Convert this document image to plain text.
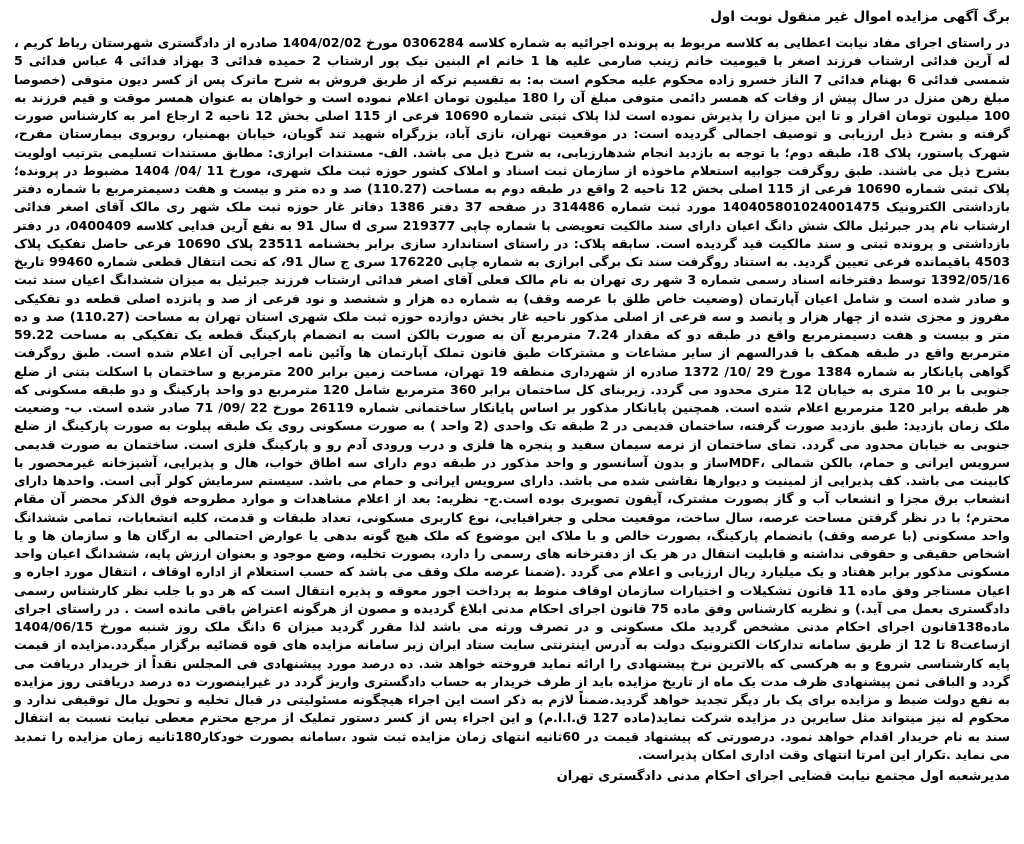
برگ آگهی مزایده اموال غیر منقول نوبت اول

در راستای اجرای مفاد نیابت اعطایی به کلاسه مربوط به پرونده اجرائیه به شماره کلاسه 0306284 مورخ 1404/02/02 صادره از دادگستری شهرستان رباط کریم ، له آرین فدائی ارشتاب فرزند اصغر با قیومیت خانم زینب صارمی علیه ها 1 خانم ام البنین نیک پور ارشتاب 2 حمیده فدائی 3 بهزاد فدائی 4 عباس فدائی 5 شمسی فدائی 6 بهنام فدائی 7 الناز خسرو زاده محکوم علیه محکوم است به: به تقسیم ترکه از طریق فروش به شرح ماترک پس از کسر دیون متوفی (خصوصا مبلغ رهن منزل در سال پیش از وفات که همسر دائمی متوفی مبلغ آن را 180 میلیون تومان اعلام نموده است و خواهان به عنوان همسر موقت و قیم فرزند به 100 میلیون تومان اقرار و تا این میزان را پذیرش نموده است لذا پلاک ثبتی شماره 10690 فرعی از 115 اصلی بخش 12 ناحیه 2 ارجاع امر به کارشناس صورت گرفته و بشرح ذیل ارزیابی و توصیف اجمالی گردیده است: در موقعیت تهران، نازی آباد، بزرگراه شهید تند گویان، خیابان بهمنیار، روبروی بیمارستان مفرح، شهرک پاستور، پلاک 18، طبقه دوم؛ با توجه به بازدید انجام شدهارزیابی، به شرح ذیل می باشد. الف- مستندات ابرازی: مطابق مستندات تسلیمی بترتیب اولویت بشرح ذیل می باشند. طبق روگرفت جوابیه استعلام ماخوذه از سازمان ثبت اسناد و املاک کشور حوزه ثبت ملک شهری، مورخ 11 /04/ 1404 مضبوط در پرونده؛ پلاک ثبتی شماره 10690 فرعی از 115 اصلی بخش 12 ناحیه 2 واقع در طبقه دوم به مساحت (110.27) صد و ده متر و بیست و هفت دسیمترمربع با شماره دفتر بازداشتی الکترونیک 140405801024001475 مورد ثبت شماره 314486 در صفحه 37 دفتر 1386 دفاتر غار حوزه ثبت ملک شهر ری مالک آقای اصغر فدائی ارشتاب نام پدر جبرئیل مالک شش دانگ اعیان دارای سند مالکیت تعویضی با شماره چاپی 219377 سری d سال 91 به نفع آرین فدایی کلاسه 0400409، در دفتر بازداشتی و پرونده ثبتی و سند مالکیت قید گردیده است. سابقه پلاک: در راستای استاندارد سازی برابر بخشنامه 23511 پلاک 10690 فرعی حاصل تفکیک پلاک 4503 باقیمانده فرعی تعیین گردید. به استناد روگرفت سند تک برگی ابرازی به شماره چاپی 176220 سری ج سال 91، که تحت انتقال قطعی شماره 99460 تاریخ 1392/05/16 توسط دفترخانه اسناد رسمی شماره 3 شهر ری تهران به نام مالک فعلی آقای اصغر فدائی ارشتاب فرزند جبرئیل به میزان ششدانگ اعیان سند ثبت و صادر شده است و شامل اعیان آپارتمان (وضعیت خاص طلق با عرصه وقف) به شماره ده هزار و ششصد و نود فرعی از صد و پانزده اصلی قطعه دو تفکیکی مفروز و مجزی شده از چهار هزار و پانصد و سه فرعی از اصلی مذکور ناحیه غار بخش دوازده حوزه ثبت ملک شهری استان تهران به مساحت (110.27) صد و ده متر و بیست و هفت دسیمترمربع واقع در طبقه دو که مقدار 7.24 مترمربع آن به صورت بالکن است به انضمام پارکینگ قطعه یک تفکیکی به مساحت 59.22 مترمربع واقع در طبقه همکف با قدرالسهم از سایر مشاعات و مشترکات طبق قانون تملک آپارتمان ها وآئین نامه اجرایی آن اعلام شده است. طبق روگرفت گواهی پایانکار به شماره 1384 مورخ 29 /10/ 1372 صادره از شهرداری منطقه 19 تهران، مساحت زمین برابر 200 مترمربع و ساختمان با اسکلت بتنی از ضلع جنوبی با بر 10 متری به خیابان 12 متری محدود می گردد. زیربنای کل ساختمان برابر 360 مترمربع شامل 120 مترمربع دو واحد پارکینگ و دو طبقه مسکونی که هر طبقه برابر 120 مترمربع اعلام شده است. همچنین پایانکار مذکور بر اساس پایانکار ساختمانی شماره 26119 مورخ 22 /09/ 71 صادر شده است. ب- وضعیت ملک زمان بازدید: طبق بازدید صورت گرفته، ساختمان قدیمی در 2 طبقه تک واحدی (2 واحد ) به صورت مسکونی روی یک طبقه پیلوت به صورت پارکینگ از ضلع جنوبی به خیابان محدود می گردد. نمای ساختمان از نرمه سیمان سفید و پنجره ها فلزی و درب ورودی آدم رو و پارکینگ فلزی است. ساختمان به صورت قدیمی سرویس ایرانی و حمام، بالکن شمالی ،MDFساز و بدون آسانسور و واحد مذکور در طبقه دوم دارای سه اطاق خواب، هال و پذیرایی، آشپزخانه غیرمحصور با کابینت می باشد. کف پذیرایی از لمینیت و دیوارها نقاشی شده می باشد. دارای سرویس ایرانی و حمام می باشد. سیستم سرمایش کولر آبی است. واحدها دارای انشعاب برق مجزا و انشعاب آب و گاز بصورت مشترک، آیفون تصویری بوده است.ج- نظریه: بعد از اعلام مشاهدات و موارد مطروحه فوق الذکر محضر آن مقام محترم؛ با در نظر گرفتن مساحت عرصه، سال ساخت، موقعیت محلی و جغرافیایی، نوع کاربری مسکونی، تعداد طبقات و قدمت، کلیه انشعابات، تمامی ششدانگ واحد مسکونی (با عرصه وقف) بانضمام پارکینگ، بصورت خالص و با ملاک این موضوع که ملک هیچ گونه بدهی یا عوارض احتمالی به ارگان ها و سازمان ها و یا اشخاص حقیقی و حقوقی نداشته و قابلیت انتقال در هر یک از دفترخانه های رسمی را دارد، بصورت تخلیه، وضع موجود و بعنوان ارزش پایه، ششدانگ اعیان واحد مسکونی مذکور برابر هفتاد و یک میلیارد ریال ارزیابی و اعلام می گردد .(ضمنا عرصه ملک وقف می باشد که حسب استعلام از اداره اوقاف ، انتقال مورد اجاره و اعیان مستاجر وفق ماده 11 قانون تشکیلات و اختیارات سازمان اوقاف منوط به پرداخت اجور معوقه و پذیره انتقال است که هر دو با جلب نظر کارشناس رسمی دادگستری بعمل می آید.) و نظریه کارشناس وفق ماده 75 قانون اجرای احکام مدنی ابلاغ گردیده و مصون از هرگونه اعتراض باقی مانده است . در راستای اجرای ماده138قانون اجرای احکام مدنی مشخص گردید ملک مسکونی و در تصرف ورثه می باشد لذا مقرر گردید میزان 6 دانگ ملک روز شنبه مورخ 1404/06/15 ازساعت8 تا 12 از طریق سامانه تدارکات الکترونیک دولت به آدرس اینترنتی سایت ستاد ایران زیر سامانه مزایده های قوه قضائیه برگزار میگردد.مزایده از قیمت پایه کارشناسی شروع و به هرکسی که بالاترین نرخ پیشنهادی را ارائه نماید فروخته خواهد شد. ده درصد مورد پیشنهادی فی المجلس نقداً از خریدار دریافت می گردد و الباقی ثمن پیشنهادی ظرف مدت یک ماه از تاریخ مزایده باید از طرف خریدار به حساب دادگستری واریز گردد در غیراینصورت ده درصد دریافتی روز مزایده به نفع دولت ضبط و مزایده برای یک بار دیگر تجدید خواهد گردید.ضمناً لازم به ذکر است این اجراء هیچگونه مسئولیتی در قبال تخلیه و تحویل مال توقیفی ندارد و محکوم له نیز میتواند مثل سایرین در مزایده شرکت نماید(ماده 127 ق.ا.ا.م) و این اجراء پس از کسر دستور تملیک از مرجع محترم معطی نیابت نسبت به انتقال سند به نام خریدار اقدام خواهد نمود. درصورتی که پیشنهاد قیمت در 60ثانیه انتهای زمان مزایده ثبت شود ،سامانه بصورت خودکار180ثانیه زمان مزایده را تمدید می نماید .تکرار این امرتا انتهای وقت اداری امکان پذیراست.

مدیرشعبه اول مجتمع نیابت قضایی اجرای احکام مدنی دادگستری تهران
